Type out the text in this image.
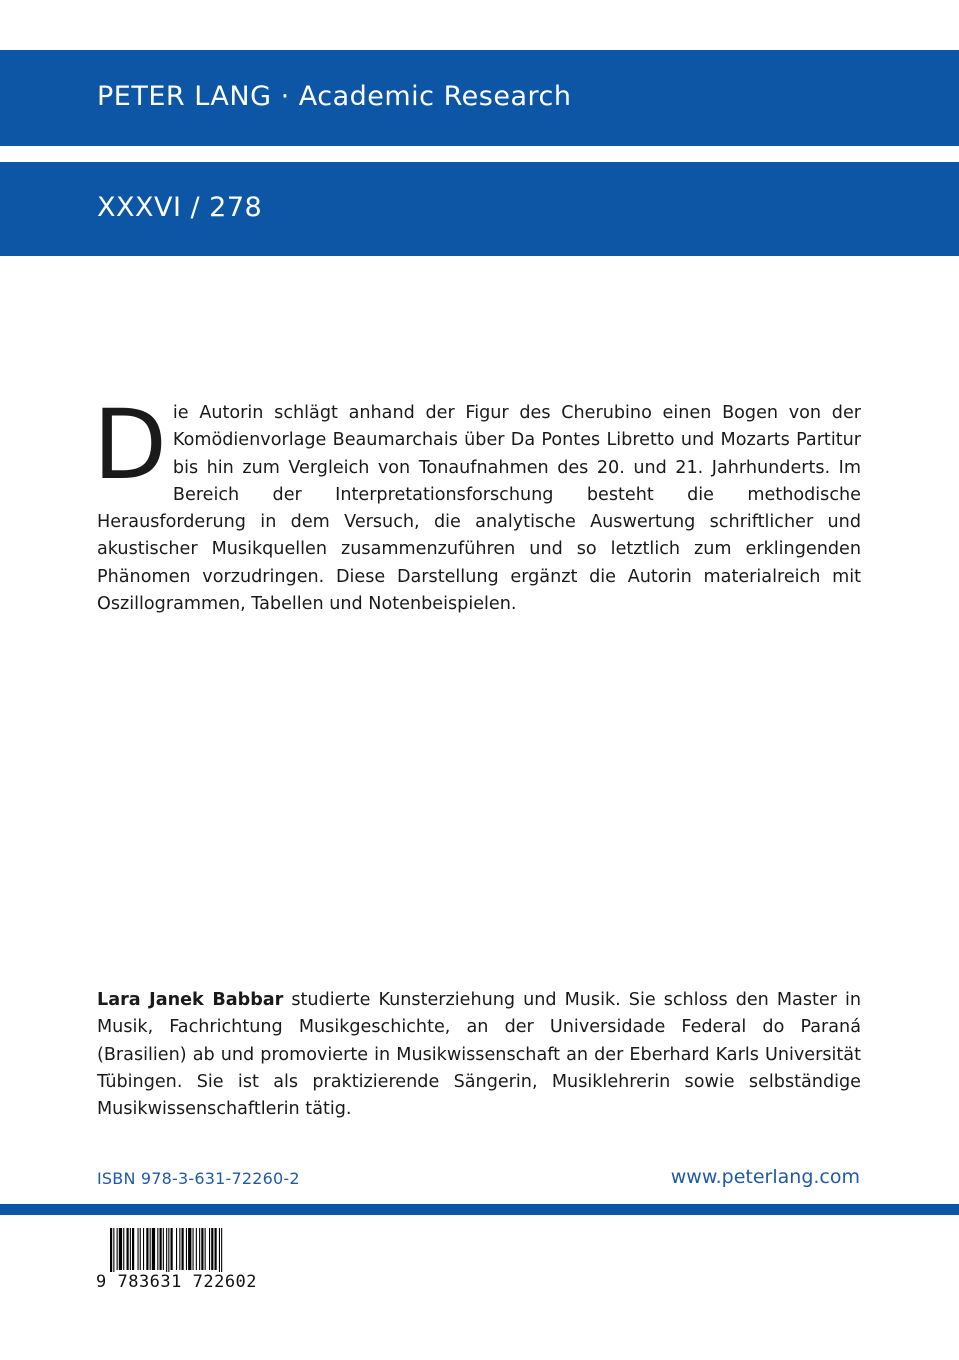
PETER LANG · Academic Research
XXXVI / 278
D ie Autorin schlägt anhand der Figur des Cherubino einen Bogen von der Komödienvorlage Beaumarchais über Da Pontes Libretto und Mozarts Partitur bis hin zum Vergleich von Tonaufnahmen des 20. und 21. Jahrhunderts. Im Bereich der Interpretationsforschung besteht die methodische Herausforderung in dem Versuch, die analytische Auswertung schriftlicher und akustischer Musikquellen zusammenzuführen und so letztlich zum erklingenden Phänomen vorzudringen. Diese Darstellung ergänzt die Autorin materialreich mit Oszillogrammen, Tabellen und Notenbeispielen.
Lara Janek Babbar studierte Kunsterziehung und Musik. Sie schloss den Master in Musik, Fachrichtung Musikgeschichte, an der Universidade Federal do Paraná (Brasilien) ab und promovierte in Musikwissenschaft an der Eberhard Karls Universität Tübingen. Sie ist als praktizierende Sängerin, Musiklehrerin sowie selbständige Musikwissenschaftlerin tätig.
ISBN 978-3-631-72260-2	www.peterlang.com
9 783631 722602
